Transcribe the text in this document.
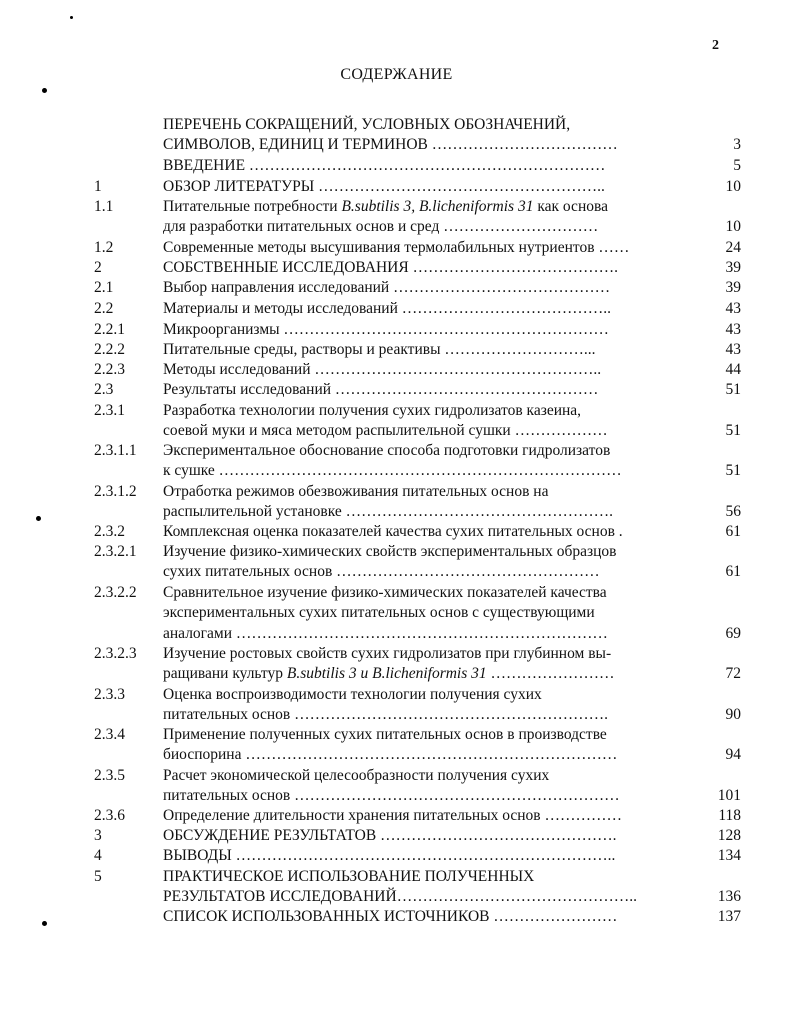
2
СОДЕРЖАНИЕ
ПЕРЕЧЕНЬ СОКРАЩЕНИЙ, УСЛОВНЫХ ОБОЗНАЧЕНИЙ,
СИМВОЛОВ, ЕДИНИЦ И ТЕРМИНОВ ………………………………	3
ВВЕДЕНИЕ ……………………………………………………………	5
1	ОБЗОР ЛИТЕРАТУРЫ ………………………………………………..	10
1.1	Питательные потребности B.subtilis 3, B.licheniformis 31 как основа
для разработки питательных основ и сред …………………………	10
1.2	Современные методы высушивания термолабильных нутриентов ……	24
2	СОБСТВЕННЫЕ ИССЛЕДОВАНИЯ ………………………………….	39
2.1	Выбор направления исследований ……………………………………	39
2.2	Материалы и методы исследований …………………………………..	43
2.2.1 Микроорганизмы ………………………………………………………	43
2.2.2 Питательные среды, растворы и реактивы ………………………...	43
2.2.3 Методы исследований ………………………………………………..	44
2.3	Результаты исследований ……………………………………………	51
2.3.1 Разработка технологии получения сухих гидролизатов казеина,
соевой муки и мяса методом распылительной сушки ………………	51
2.3.1.1 Экспериментальное обоснование способа подготовки гидролизатов
к сушке ……………………………………………………………………	51
2.3.1.2 Отработка режимов обезвоживания питательных основ на
распылительной установке …………………………………………….	56
2.3.2 Комплексная оценка показателей качества сухих питательных основ .	61
2.3.2.1 Изучение физико-химических свойств экспериментальных образцов
сухих питательных основ ……………………………………………	61
2.3.2.2 Сравнительное изучение физико-химических показателей качества
экспериментальных сухих питательных основ с существующими
аналогами ………………………………………………………………	69
2.3.2.3 Изучение ростовых свойств сухих гидролизатов при глубинном вы-
ращивани культур B.subtilis 3 и B.licheniformis 31 ……………………	72
2.3.3 Оценка воспроизводимости технологии получения сухих
питательных основ …………………………………………………….	90
2.3.4 Применение полученных сухих питательных основ в производстве
биоспорина ………………………………………………………………	94
2.3.5 Расчет экономической целесообразности получения сухих
питательных основ ………………………………………………………	101
2.3.6 Определение длительности хранения питательных основ ……………	118
3	ОБСУЖДЕНИЕ РЕЗУЛЬТАТОВ ……………………………………….	128
4	ВЫВОДЫ ………………………………………………………………..	134
5	ПРАКТИЧЕСКОЕ ИСПОЛЬЗОВАНИЕ ПОЛУЧЕННЫХ
РЕЗУЛЬТАТОВ ИССЛЕДОВАНИЙ………………………………………..	136
СПИСОК ИСПОЛЬЗОВАННЫХ ИСТОЧНИКОВ ……………………	137
